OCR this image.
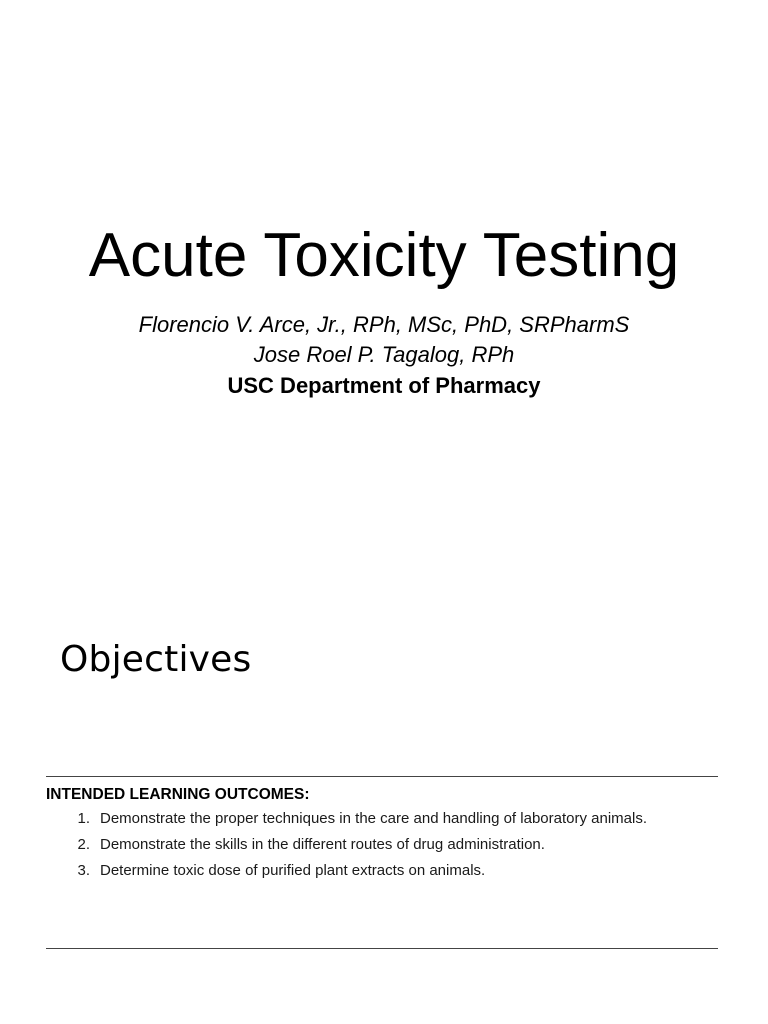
Acute Toxicity Testing

Florencio V. Arce, Jr., RPh, MSc, PhD, SRPharmS

Jose Roel P. Tagalog, RPh

USC Department of Pharmacy

Objectives
INTENDED LEARNING OUTCOMES:
1. Demonstrate the proper techniques in the care and handling of laboratory animals.
2. Demonstrate the skills in the different routes of drug administration.
3. Determine toxic dose of purified plant extracts on animals.
